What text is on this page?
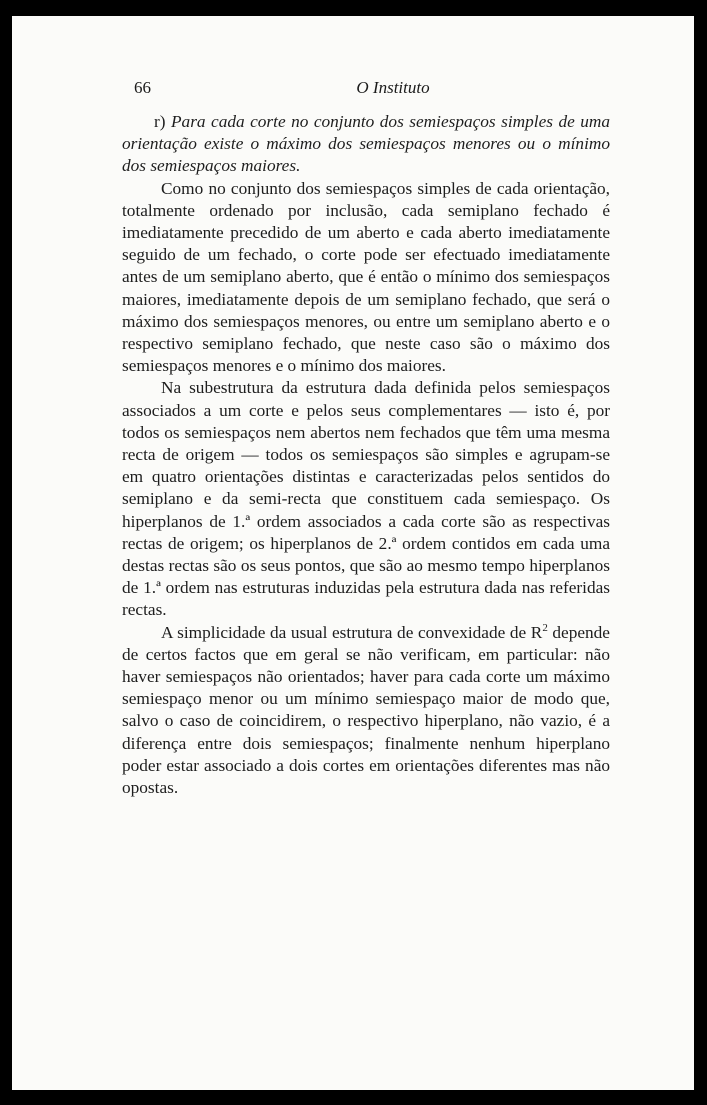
66	O Instituto

r) Para cada corte no conjunto dos semiespaços simples de uma orientação existe o máximo dos semiespaços menores ou o mínimo dos semiespaços maiores.

Como no conjunto dos semiespaços simples de cada orientação, totalmente ordenado por inclusão, cada semiplano fechado é imediatamente precedido de um aberto e cada aberto imediatamente seguido de um fechado, o corte pode ser efectuado imediatamente antes de um semiplano aberto, que é então o mínimo dos semiespaços maiores, imediatamente depois de um semiplano fechado, que será o máximo dos semiespaços menores, ou entre um semiplano aberto e o respectivo semiplano fechado, que neste caso são o máximo dos semiespaços menores e o mínimo dos maiores.

Na subestrutura da estrutura dada definida pelos semiespaços associados a um corte e pelos seus complementares — isto é, por todos os semiespaços nem abertos nem fechados que têm uma mesma recta de origem — todos os semiespaços são simples e agrupam-se em quatro orientações distintas e caracterizadas pelos sentidos do semiplano e da semi-recta que constituem cada semiespaço. Os hiperplanos de 1.ª ordem associados a cada corte são as respectivas rectas de origem; os hiperplanos de 2.ª ordem contidos em cada uma destas rectas são os seus pontos, que são ao mesmo tempo hiperplanos de 1.ª ordem nas estruturas induzidas pela estrutura dada nas referidas rectas.

A simplicidade da usual estrutura de convexidade de $R^2$ depende de certos factos que em geral se não verificam, em particular: não haver semiespaços não orientados; haver para cada corte um máximo semiespaço menor ou um mínimo semiespaço maior de modo que, salvo o caso de coincidirem, o respectivo hiperplano, não vazio, é a diferença entre dois semiespaços; finalmente nenhum hiperplano poder estar associado a dois cortes em orientações diferentes mas não opostas.
